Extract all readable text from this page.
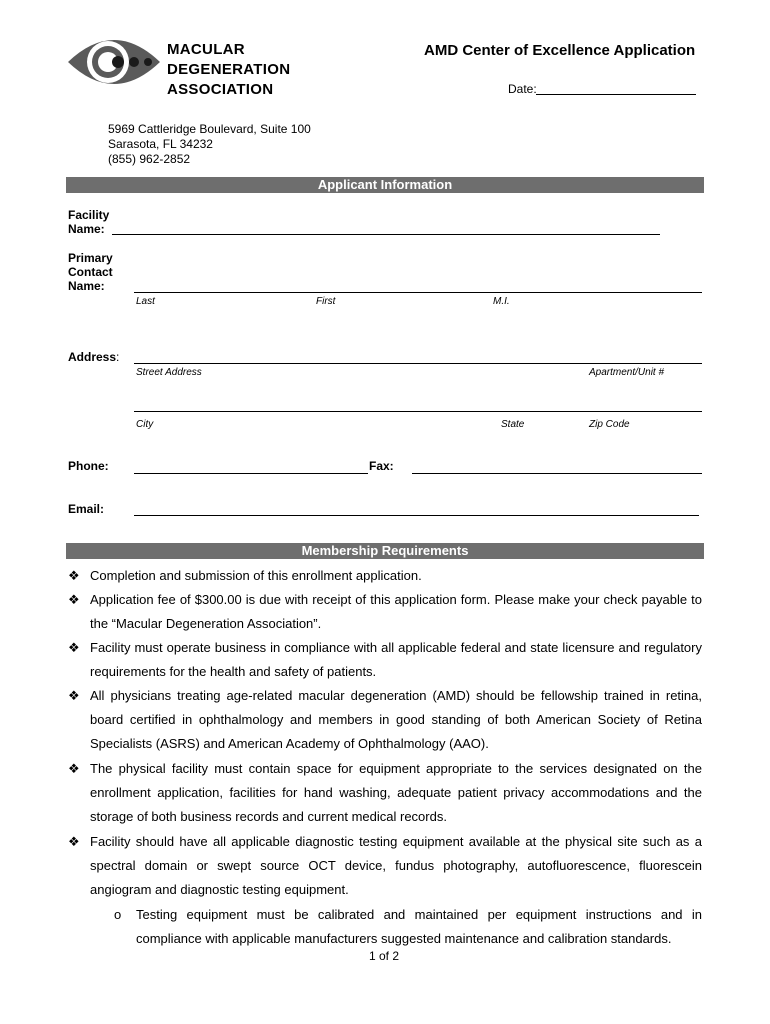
MACULAR
DEGENERATION
ASSOCIATION
AMD Center of Excellence Application
Date:
5969 Cattleridge Boulevard, Suite 100
Sarasota, FL 34232
(855) 962-2852
Applicant Information
Facility
Name:
Primary
Contact
Name:
Last	First	M.I.
Address:
Street Address	Apartment/Unit #
City	State	Zip Code
Phone:	Fax:
Email:
Membership Requirements
❖ Completion and submission of this enrollment application.
❖ Application fee of $300.00 is due with receipt of this application form. Please make your check payable to the “Macular Degeneration Association”.
❖ Facility must operate business in compliance with all applicable federal and state licensure and regulatory requirements for the health and safety of patients.
❖ All physicians treating age-related macular degeneration (AMD) should be fellowship trained in retina, board certified in ophthalmology and members in good standing of both American Society of Retina Specialists (ASRS) and American Academy of Ophthalmology (AAO).
❖ The physical facility must contain space for equipment appropriate to the services designated on the enrollment application, facilities for hand washing, adequate patient privacy accommodations and the storage of both business records and current medical records.
❖ Facility should have all applicable diagnostic testing equipment available at the physical site such as a spectral domain or swept source OCT device, fundus photography, autofluorescence, fluorescein angiogram and diagnostic testing equipment.
o Testing equipment must be calibrated and maintained per equipment instructions and in compliance with applicable manufacturers suggested maintenance and calibration standards.
1 of 2
